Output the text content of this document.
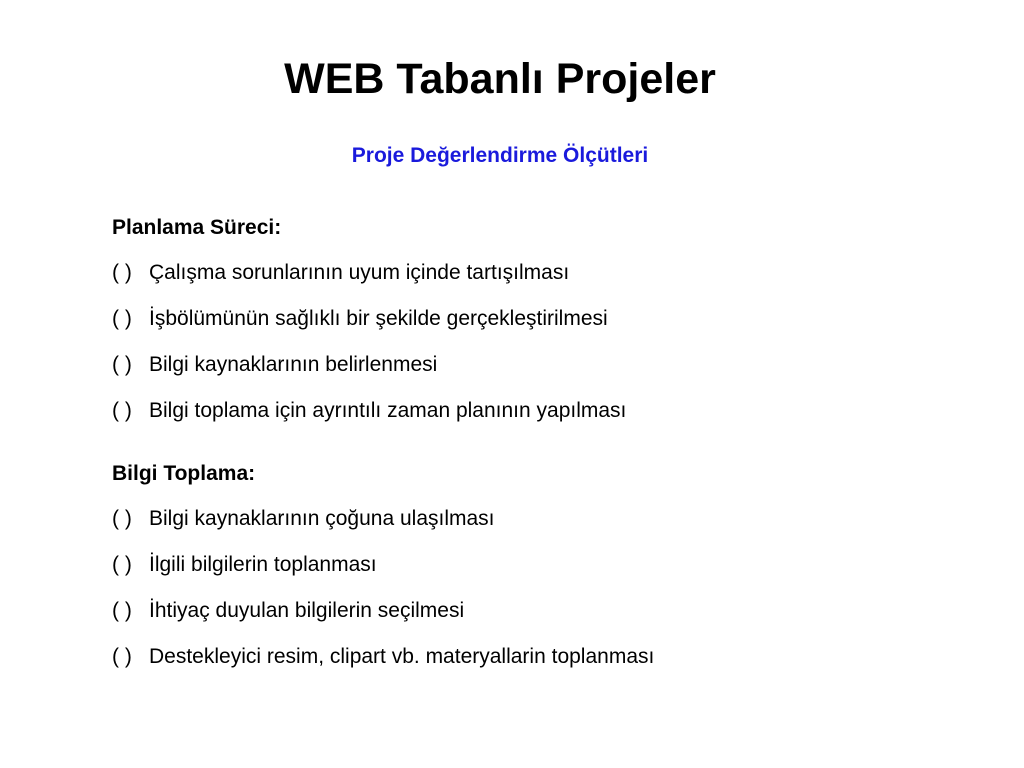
WEB Tabanlı Projeler
Proje Değerlendirme Ölçütleri
Planlama Süreci:
( ) Çalışma sorunlarının uyum içinde tartışılması
( ) İşbölümünün sağlıklı bir şekilde gerçekleştirilmesi
( ) Bilgi kaynaklarının belirlenmesi
( ) Bilgi toplama için ayrıntılı zaman planının yapılması
Bilgi Toplama:
( ) Bilgi kaynaklarının çoğuna ulaşılması
( ) İlgili bilgilerin toplanması
( ) İhtiyaç duyulan bilgilerin seçilmesi
( ) Destekleyici resim, clipart vb. materyallarin toplanması
